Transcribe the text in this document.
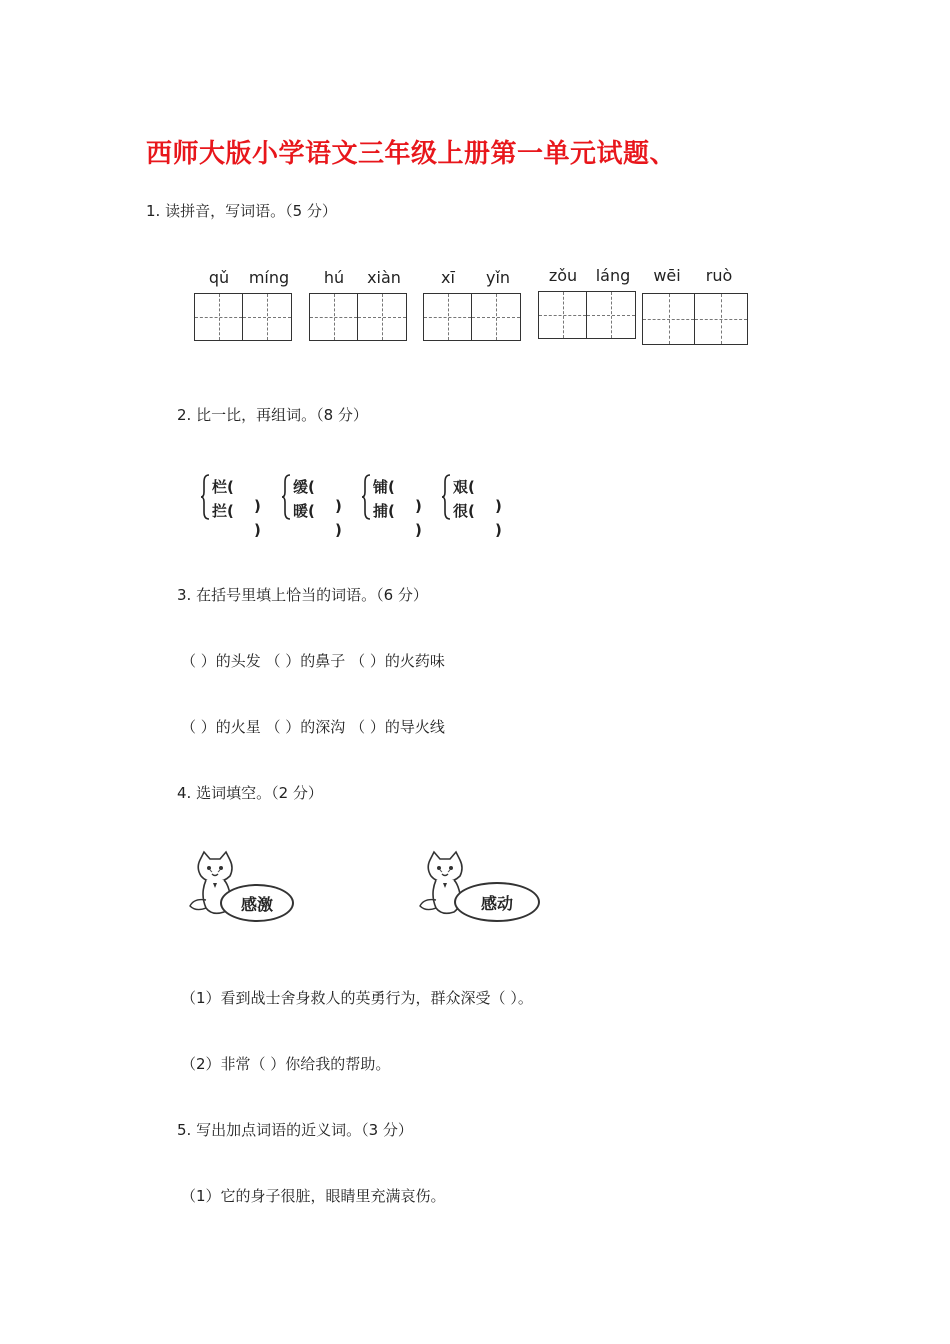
西师大版小学语文三年级上册第一单元试题、
1. 读拼音，写词语。（5 分）
qǔ	míng	hú	xiàn	xī	yǐn	zǒu	láng	wēi	ruò
2. 比一比，再组词。（8 分）
栏()
拦()
缓()
暖()
铺()
捕()
艰()
很()
3. 在括号里填上恰当的词语。（6 分）
（ ）的头发 （ ）的鼻子 （ ）的火药味
（ ）的火星 （ ）的深沟 （ ）的导火线
4. 选词填空。（2 分）
感激	感动
（1）看到战士舍身救人的英勇行为，群众深受（ ）。
（2）非常（ ）你给我的帮助。
5. 写出加点词语的近义词。（3 分）
（1）它的身子很脏，眼睛里充满哀伤。
